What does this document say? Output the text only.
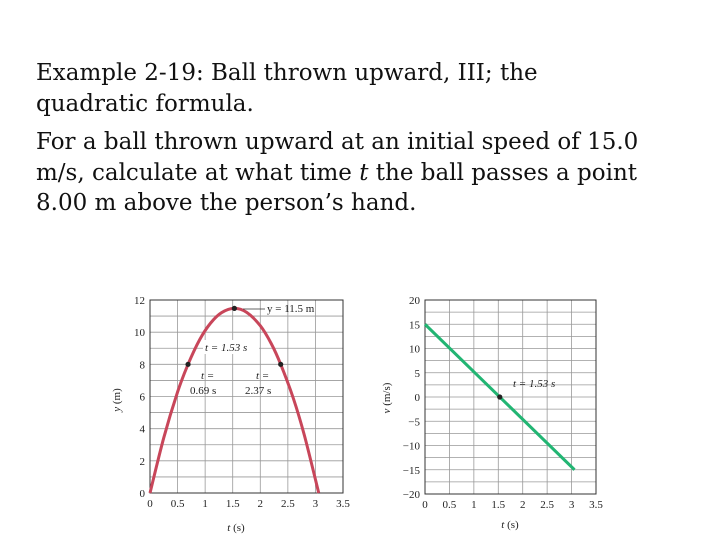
Example 2-19: Ball thrown upward, III; the
quadratic formula.

For a ball thrown upward at an initial speed of 15.0
m/s, calculate at what time t the ball passes a point
8.00 m above the person’s hand.

0
2
4
6
8
10
12
0 0.5 1 1.5 2 2.5 3 3.5
y = 11.5 m
t = 1.53 s
t =
0.69 s
t =
2.37 s
t (s)
y (m)
−20
−15
−10
−5
0
5
10
15
20
0 0.5 1 1.5 2 2.5 3 3.5
t = 1.53 s
t (s)
v (m/s)
